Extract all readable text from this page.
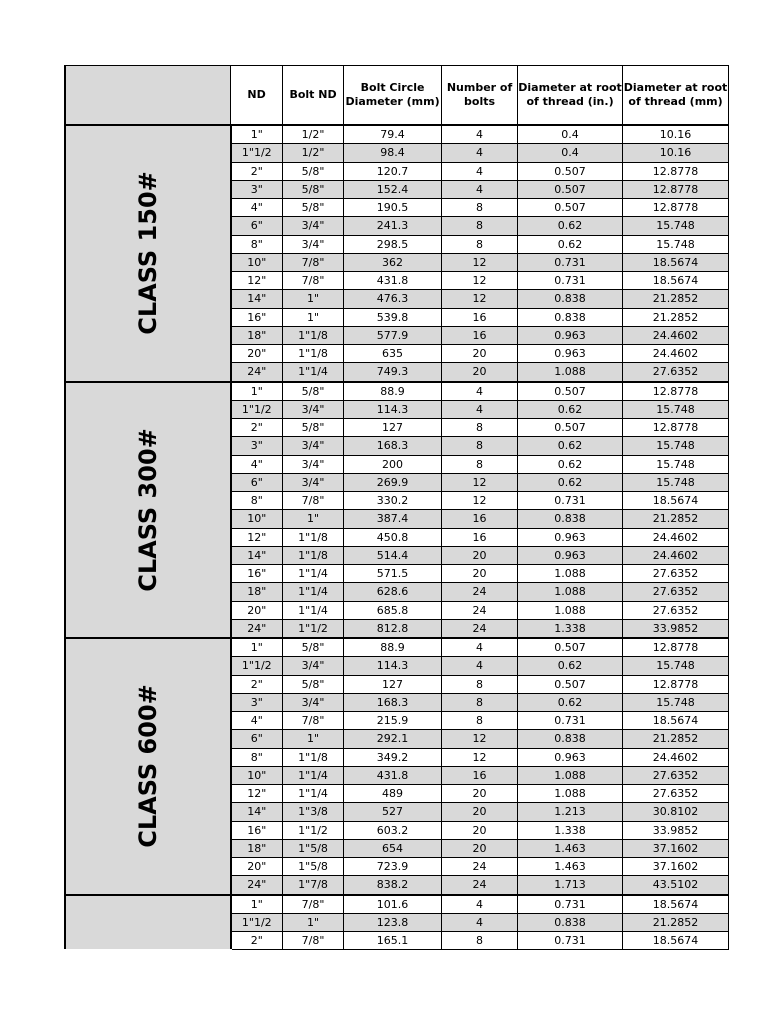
	ND	Bolt ND	Bolt Circle Diameter (mm)	Number of bolts	Diameter at root of thread (in.)	Diameter at root of thread (mm)
CLASS 150#	1"	1/2"	79.4	4	0.4	10.16
	1"1/2	1/2"	98.4	4	0.4	10.16
	2"	5/8"	120.7	4	0.507	12.8778
	3"	5/8"	152.4	4	0.507	12.8778
	4"	5/8"	190.5	8	0.507	12.8778
	6"	3/4"	241.3	8	0.62	15.748
	8"	3/4"	298.5	8	0.62	15.748
	10"	7/8"	362	12	0.731	18.5674
	12"	7/8"	431.8	12	0.731	18.5674
	14"	1"	476.3	12	0.838	21.2852
	16"	1"	539.8	16	0.838	21.2852
	18"	1"1/8	577.9	16	0.963	24.4602
	20"	1"1/8	635	20	0.963	24.4602
	24"	1"1/4	749.3	20	1.088	27.6352
CLASS 300#	1"	5/8"	88.9	4	0.507	12.8778
	1"1/2	3/4"	114.3	4	0.62	15.748
	2"	5/8"	127	8	0.507	12.8778
	3"	3/4"	168.3	8	0.62	15.748
	4"	3/4"	200	8	0.62	15.748
	6"	3/4"	269.9	12	0.62	15.748
	8"	7/8"	330.2	12	0.731	18.5674
	10"	1"	387.4	16	0.838	21.2852
	12"	1"1/8	450.8	16	0.963	24.4602
	14"	1"1/8	514.4	20	0.963	24.4602
	16"	1"1/4	571.5	20	1.088	27.6352
	18"	1"1/4	628.6	24	1.088	27.6352
	20"	1"1/4	685.8	24	1.088	27.6352
	24"	1"1/2	812.8	24	1.338	33.9852
CLASS 600#	1"	5/8"	88.9	4	0.507	12.8778
	1"1/2	3/4"	114.3	4	0.62	15.748
	2"	5/8"	127	8	0.507	12.8778
	3"	3/4"	168.3	8	0.62	15.748
	4"	7/8"	215.9	8	0.731	18.5674
	6"	1"	292.1	12	0.838	21.2852
	8"	1"1/8	349.2	12	0.963	24.4602
	10"	1"1/4	431.8	16	1.088	27.6352
	12"	1"1/4	489	20	1.088	27.6352
	14"	1"3/8	527	20	1.213	30.8102
	16"	1"1/2	603.2	20	1.338	33.9852
	18"	1"5/8	654	20	1.463	37.1602
	20"	1"5/8	723.9	24	1.463	37.1602
	24"	1"7/8	838.2	24	1.713	43.5102
	1"	7/8"	101.6	4	0.731	18.5674
	1"1/2	1"	123.8	4	0.838	21.2852
	2"	7/8"	165.1	8	0.731	18.5674
